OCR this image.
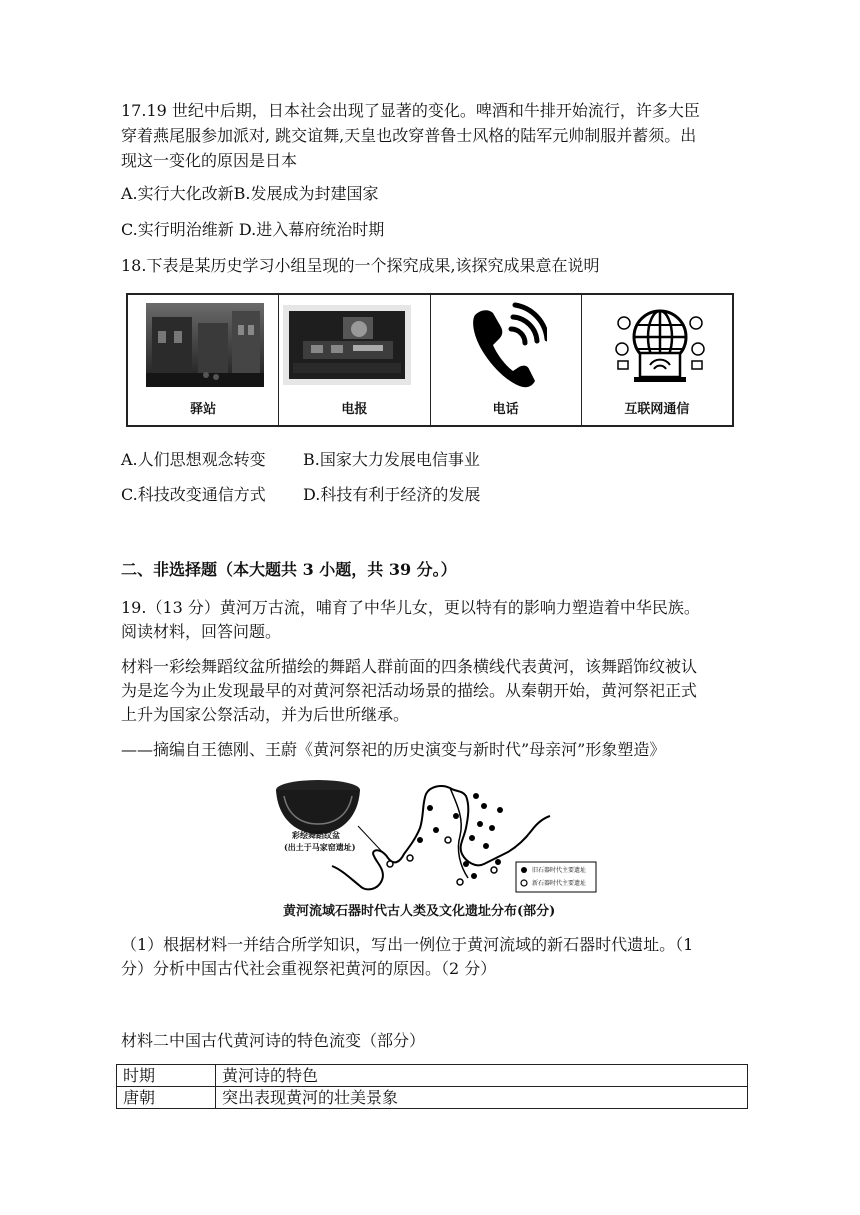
17.19 世纪中后期，日本社会出现了显著的变化。啤酒和牛排开始流行，许多大臣
穿着燕尾服参加派对, 跳交谊舞,天皇也改穿普鲁士风格的陆军元帅制服并蓄须。出
现这一变化的原因是日本
A.实行大化改新B.发展成为封建国家
C.实行明治维新 D.进入幕府统治时期
18.下表是某历史学习小组呈现的一个探究成果,该探究成果意在说明
驿站	电报	电话	互联网通信
A.人们思想观念转变 B.国家大力发展电信事业
C.科技改变通信方式 D.科技有利于经济的发展
二、非选择题（本大题共 3 小题，共 39 分。）
19.（13 分）黄河万古流，哺育了中华儿女，更以特有的影响力塑造着中华民族。
阅读材料，回答问题。
材料一彩绘舞蹈纹盆所描绘的舞蹈人群前面的四条横线代表黄河，该舞蹈饰纹被认
为是迄今为止发现最早的对黄河祭祀活动场景的描绘。从秦朝开始，黄河祭祀正式
上升为国家公祭活动，并为后世所继承。
——摘编自王德刚、王蔚《黄河祭祀的历史演变与新时代”母亲河”形象塑造》
彩绘舞蹈纹盆
(出土于马家窑遗址)
旧石器时代主要遗址
新石器时代主要遗址
黄河流域石器时代古人类及文化遗址分布(部分)
（1）根据材料一并结合所学知识，写出一例位于黄河流域的新石器时代遗址。（1
分）分析中国古代社会重视祭祀黄河的原因。（2 分）
材料二中国古代黄河诗的特色流变（部分）
时期	黄河诗的特色
唐朝	突出表现黄河的壮美景象
